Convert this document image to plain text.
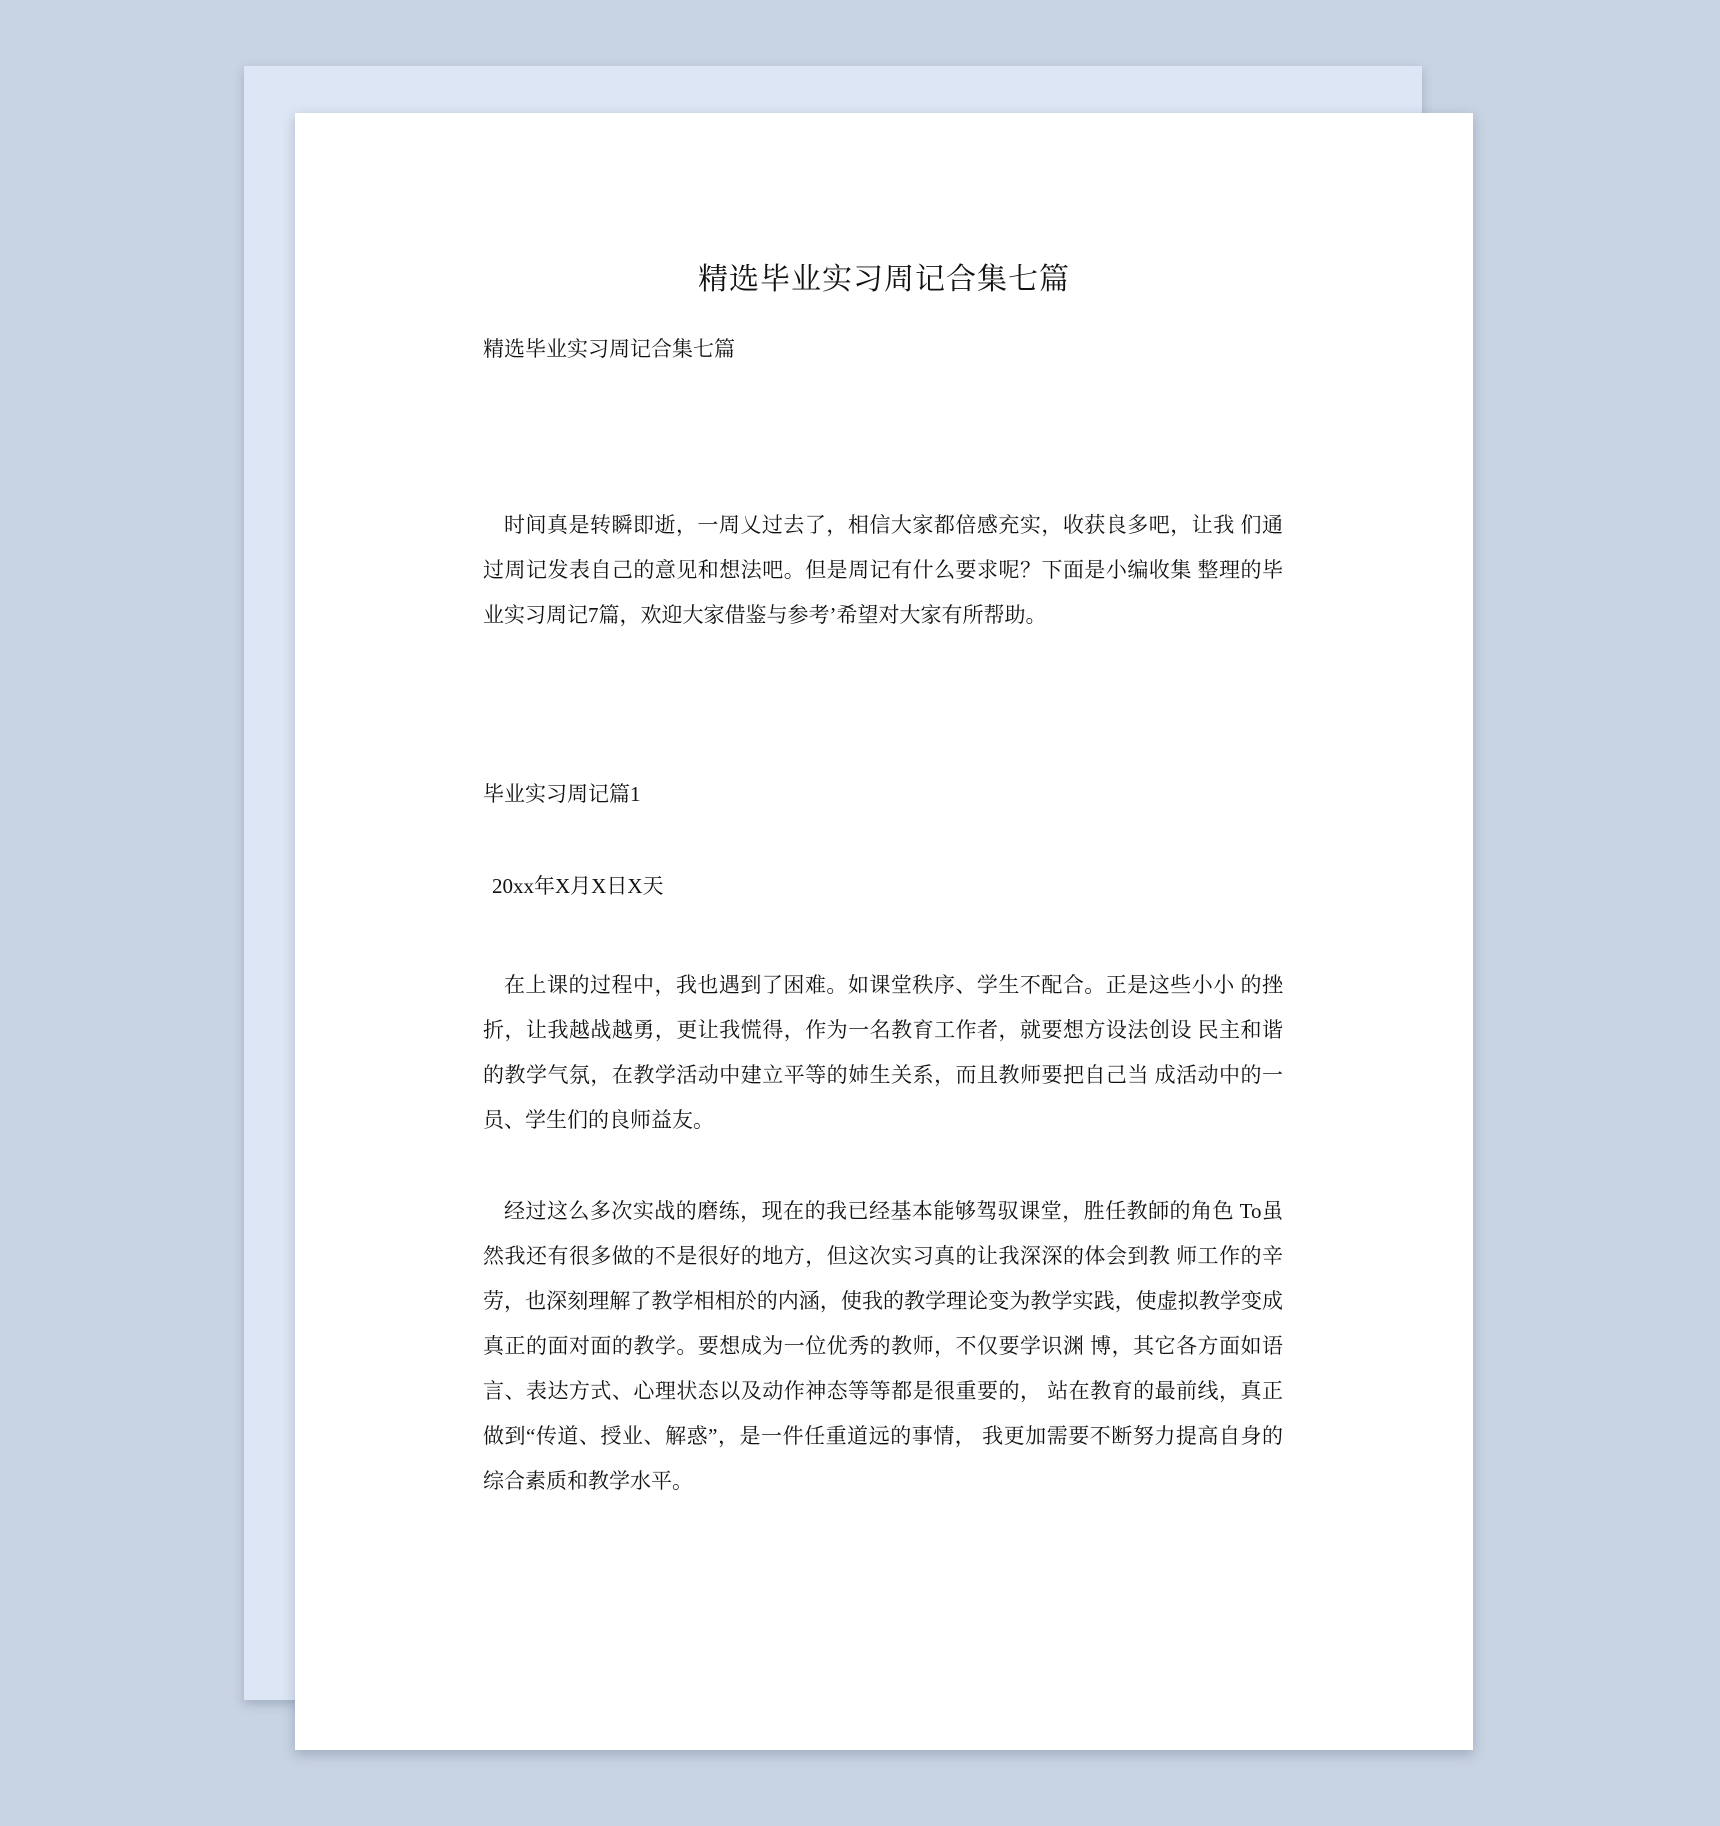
精选毕业实习周记合集七篇
精选毕业实习周记合集七篇
时间真是转瞬即逝，一周乂过去了，相信大家都倍感充实，收获良多吧，让我 们通过周记发表自己的意见和想法吧。但是周记有什么要求呢？下面是小编收集 整理的毕业实习周记7篇，欢迎大家借鉴与参考’希望对大家有所帮助。
毕业实习周记篇1
20xx年X月X日X天
在上课的过程中，我也遇到了困难。如课堂秩序、学生不配合。正是这些小小 的挫折，让我越战越勇，更让我慌得，作为一名教育工作者，就要想方设法创设 民主和谐的教学气氛，在教学活动中建立平等的姉生关系，而且教师要把自己当 成活动中的一员、学生们的良师益友。
经过这么多次实战的磨练，现在的我已经基本能够驾驭课堂，胜任教師的角色 To虽然我还有很多做的不是很好的地方，但这次实习真的让我深深的体会到教 师工作的辛劳，也深刻理解了教学相相於的内涵，使我的教学理论变为教学实践，使虚拟教学变成真正的面对面的教学。要想成为一位优秀的教师，不仅要学识渊 博，其它各方面如语言、表达方式、心理状态以及动作神态等等都是很重要的， 站在教育的最前线，真正做到“传道、授业、解惑”，是一件任重道远的事情， 我更加需要不断努力提高自身的综合素质和教学水平。
